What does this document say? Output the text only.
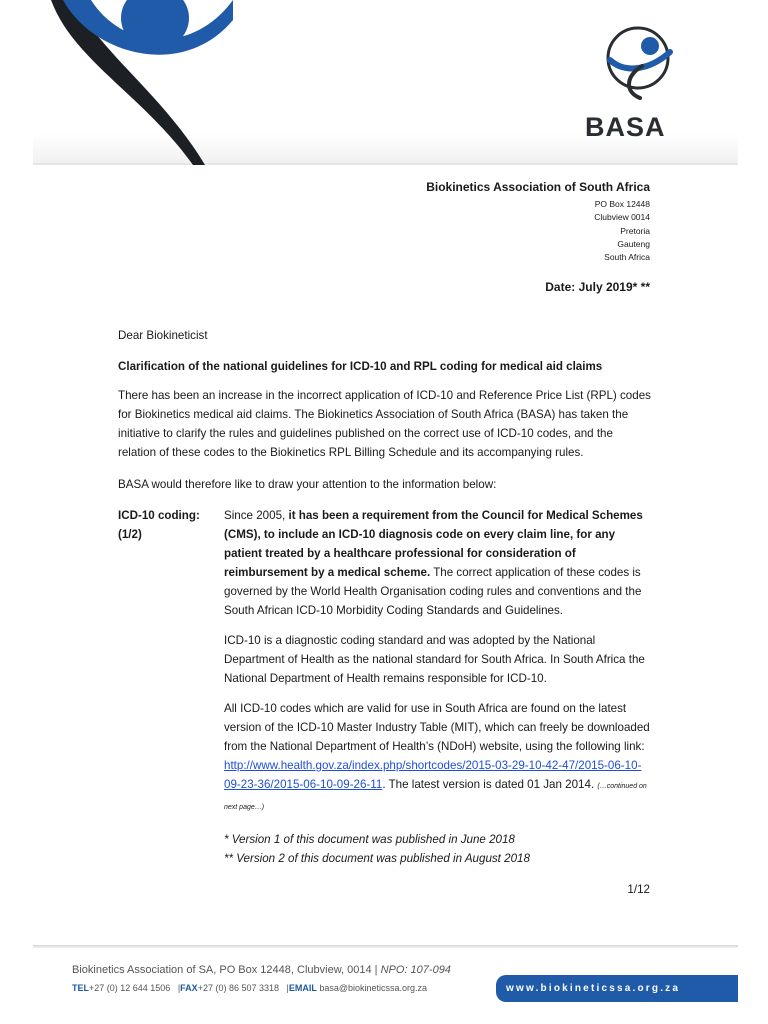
BASA
Biokinetics Association of South Africa
PO Box 12448
Clubview 0014
Pretoria
Gauteng
South Africa
Date: July 2019* **
Dear Biokineticist
Clarification of the national guidelines for ICD-10 and RPL coding for medical aid claims
There has been an increase in the incorrect application of ICD-10 and Reference Price List (RPL) codes for Biokinetics medical aid claims. The Biokinetics Association of South Africa (BASA) has taken the initiative to clarify the rules and guidelines published on the correct use of ICD-10 codes, and the relation of these codes to the Biokinetics RPL Billing Schedule and its accompanying rules.
BASA would therefore like to draw your attention to the information below:
ICD-10 coding:
(1/2)
Since 2005, it has been a requirement from the Council for Medical Schemes (CMS), to include an ICD-10 diagnosis code on every claim line, for any patient treated by a healthcare professional for consideration of reimbursement by a medical scheme. The correct application of these codes is governed by the World Health Organisation coding rules and conventions and the South African ICD-10 Morbidity Coding Standards and Guidelines.
ICD-10 is a diagnostic coding standard and was adopted by the National Department of Health as the national standard for South Africa. In South Africa the National Department of Health remains responsible for ICD-10.
All ICD-10 codes which are valid for use in South Africa are found on the latest version of the ICD-10 Master Industry Table (MIT), which can freely be downloaded from the National Department of Health’s (NDoH) website, using the following link: http://www.health.gov.za/index.php/shortcodes/2015-03-29-10-42-47/2015-06-10-09-23-36/2015-06-10-09-26-11. The latest version is dated 01 Jan 2014. (…continued on next page…)
* Version 1 of this document was published in June 2018
** Version 2 of this document was published in August 2018
1/12
Biokinetics Association of SA, PO Box 12448, Clubview, 0014 | NPO: 107-094
TEL+27 (0) 12 644 1506   |FAX+27 (0) 86 507 3318   |EMAIL basa@biokineticssa.org.za	www.biokineticssa.org.za
